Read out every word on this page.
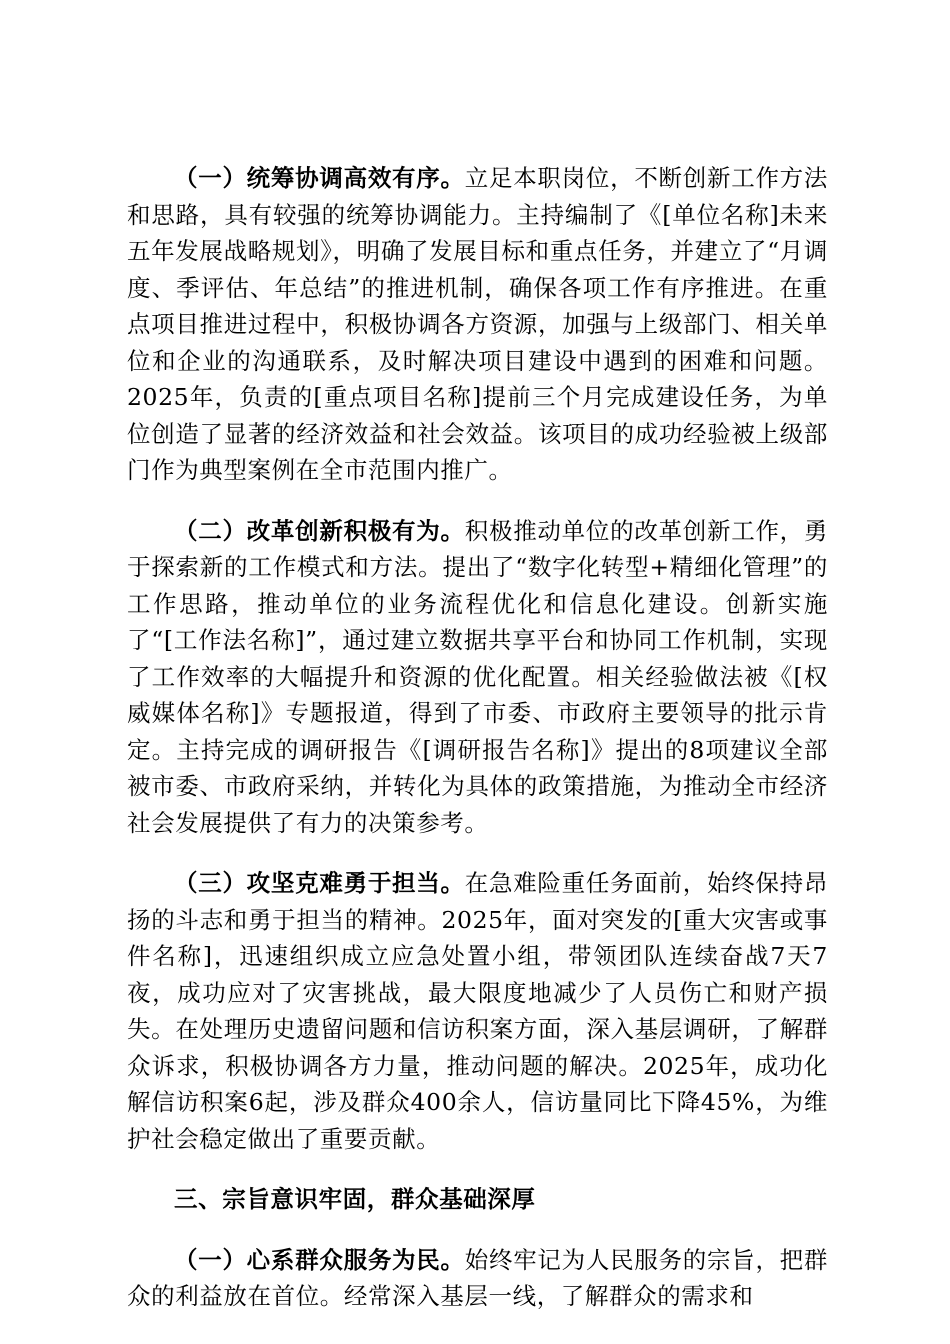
（一）统筹协调高效有序。立足本职岗位，不断创新工作方法和思路，具有较强的统筹协调能力。主持编制了《[单位名称]未来五年发展战略规划》，明确了发展目标和重点任务，并建立了“月调度、季评估、年总结”的推进机制，确保各项工作有序推进。在重点项目推进过程中，积极协调各方资源，加强与上级部门、相关单位和企业的沟通联系，及时解决项目建设中遇到的困难和问题。2025年，负责的[重点项目名称]提前三个月完成建设任务，为单位创造了显著的经济效益和社会效益。该项目的成功经验被上级部门作为典型案例在全市范围内推广。

（二）改革创新积极有为。积极推动单位的改革创新工作，勇于探索新的工作模式和方法。提出了“数字化转型+精细化管理”的工作思路，推动单位的业务流程优化和信息化建设。创新实施了“[工作法名称]”，通过建立数据共享平台和协同工作机制，实现了工作效率的大幅提升和资源的优化配置。相关经验做法被《[权威媒体名称]》专题报道，得到了市委、市政府主要领导的批示肯定。主持完成的调研报告《[调研报告名称]》提出的8项建议全部被市委、市政府采纳，并转化为具体的政策措施，为推动全市经济社会发展提供了有力的决策参考。

（三）攻坚克难勇于担当。在急难险重任务面前，始终保持昂扬的斗志和勇于担当的精神。2025年，面对突发的[重大灾害或事件名称]，迅速组织成立应急处置小组，带领团队连续奋战7天7夜，成功应对了灾害挑战，最大限度地减少了人员伤亡和财产损失。在处理历史遗留问题和信访积案方面，深入基层调研，了解群众诉求，积极协调各方力量，推动问题的解决。2025年，成功化解信访积案6起，涉及群众400余人，信访量同比下降45%，为维护社会稳定做出了重要贡献。

三、宗旨意识牢固，群众基础深厚

（一）心系群众服务为民。始终牢记为人民服务的宗旨，把群众的利益放在首位。经常深入基层一线，了解群众的需求和
